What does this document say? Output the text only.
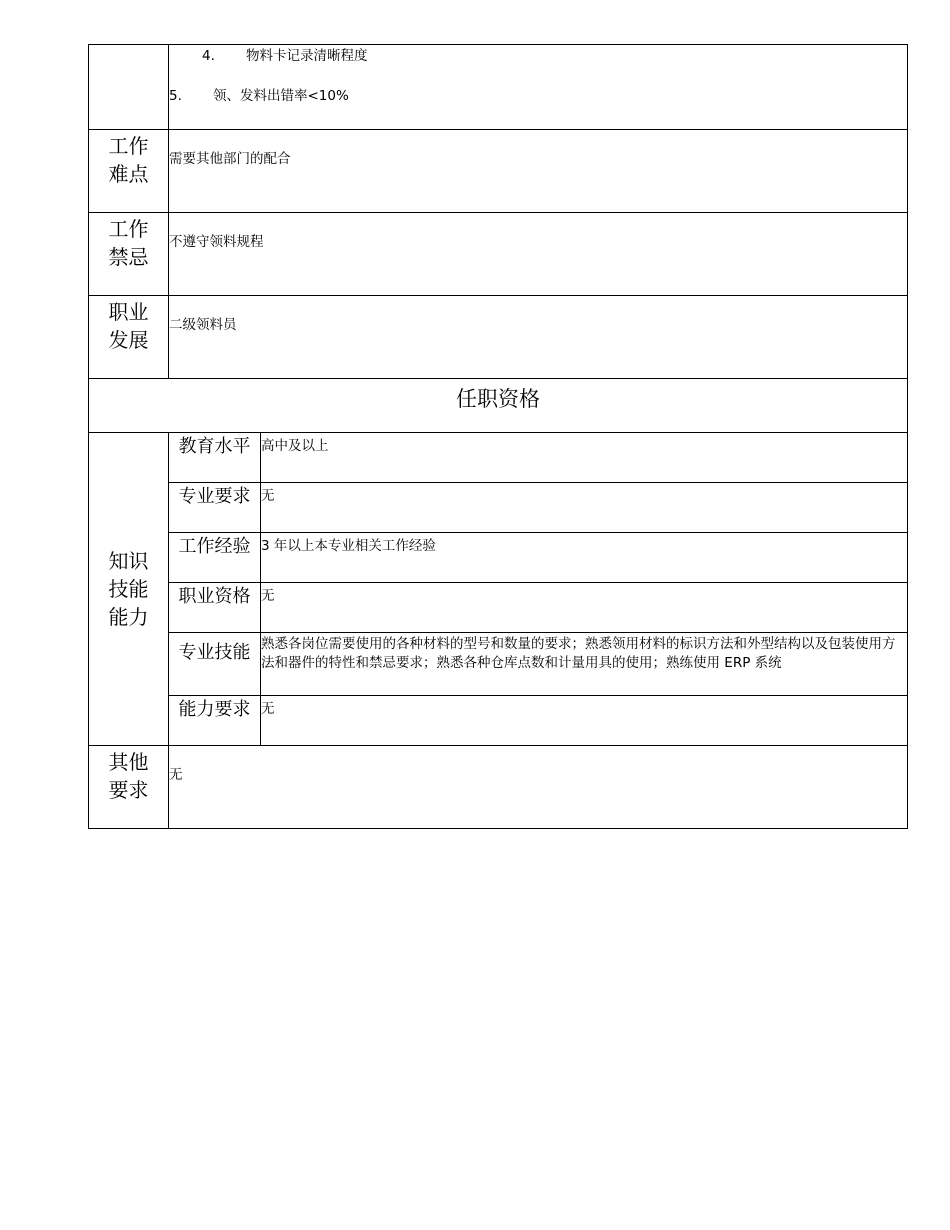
	4. 物料卡记录清晰程度
5. 领、发料出错率<10%	

工作
难点	需要其他部门的配合	

工作
禁忌	不遵守领料规程	

职业
发展	二级领料员	
任职资格		

知识
技能
能力	教育水平	高中及以上
	专业要求	无
	工作经验	3 年以上本专业相关工作经验
	职业资格	无
	专业技能	熟悉各岗位需要使用的各种材料的型号和数量的要求；熟悉领用材料的标识方法和外型结构以及包装使用方法和器件的特性和禁忌要求；熟悉各种仓库点数和计量用具的使用；熟练使用 ERP 系统
	能力要求	无

其他
要求	无	
